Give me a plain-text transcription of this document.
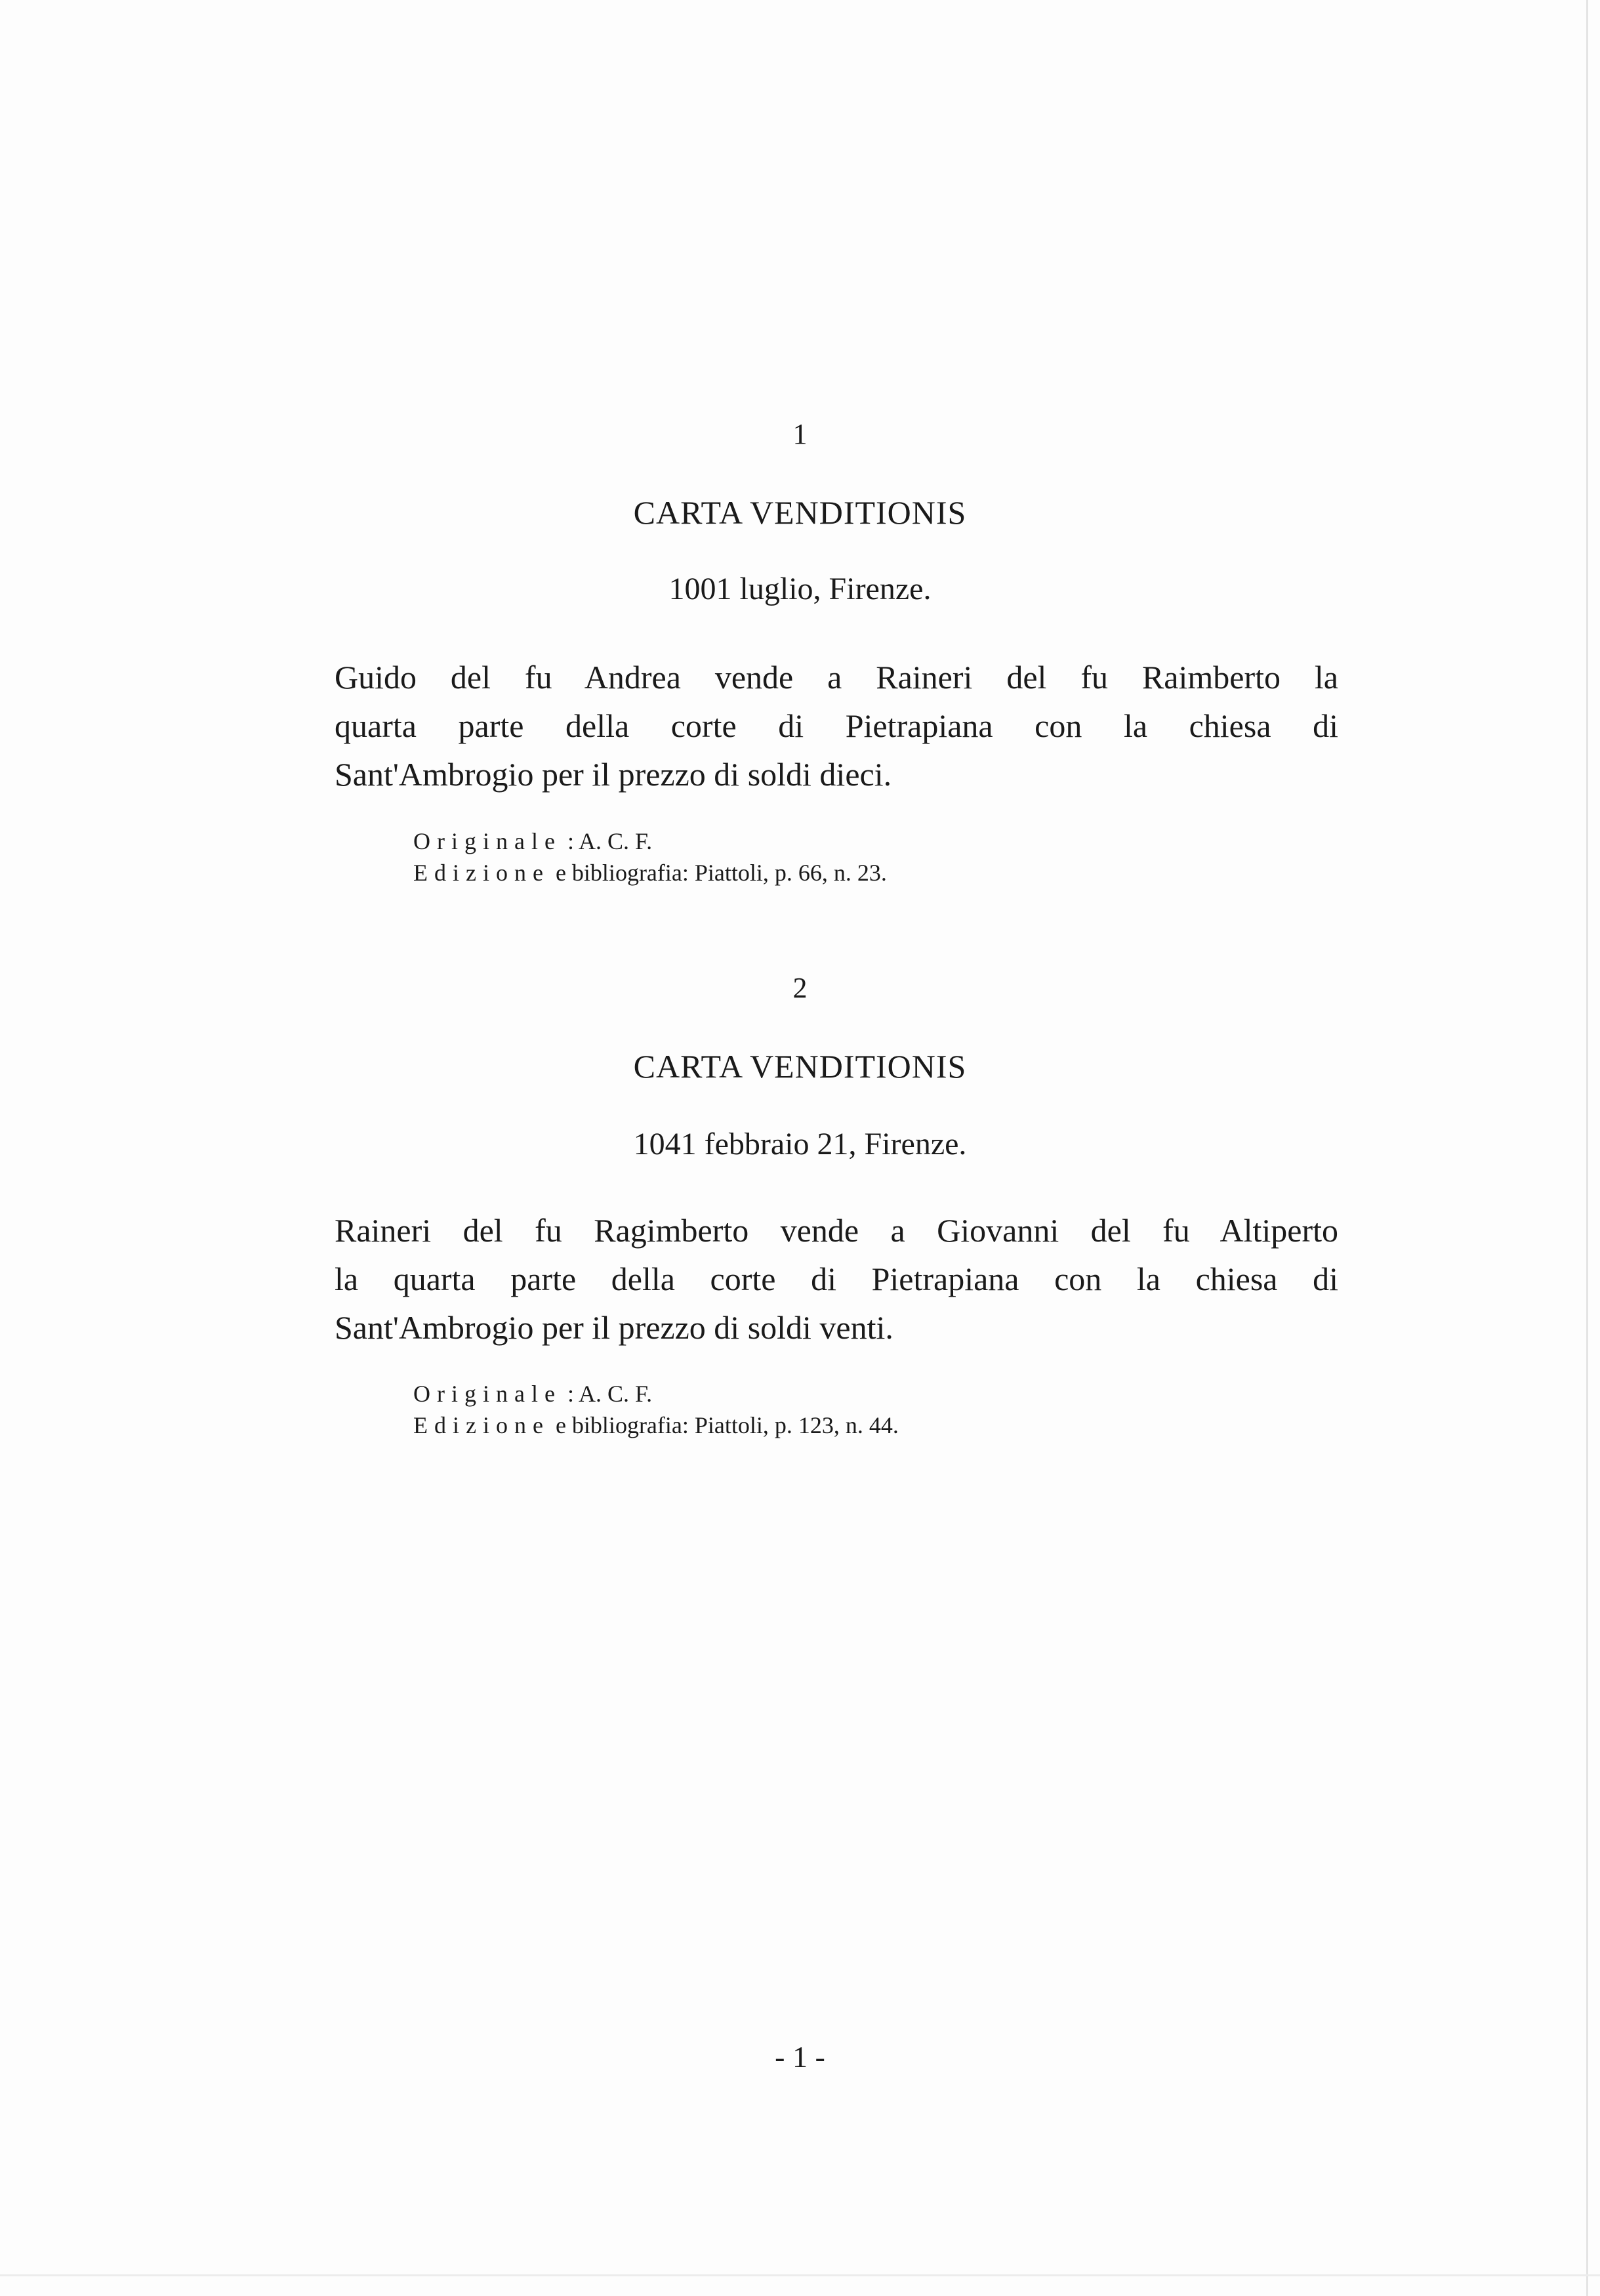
1
CARTA VENDITIONIS
1001 luglio, Firenze.
Guido del fu Andrea vende a Raineri del fu Raimberto la
quarta parte della corte di Pietrapiana con la chiesa di
Sant'Ambrogio per il prezzo di soldi dieci.
Originale : A. C. F.
Edizione e bibliografia: Piattoli, p. 66, n. 23.
2
CARTA VENDITIONIS
1041 febbraio 21, Firenze.
Raineri del fu Ragimberto vende a Giovanni del fu Altiperto
la quarta parte della corte di Pietrapiana con la chiesa di
Sant'Ambrogio per il prezzo di soldi venti.
Originale : A. C. F.
Edizione e bibliografia: Piattoli, p. 123, n. 44.
- 1 -
